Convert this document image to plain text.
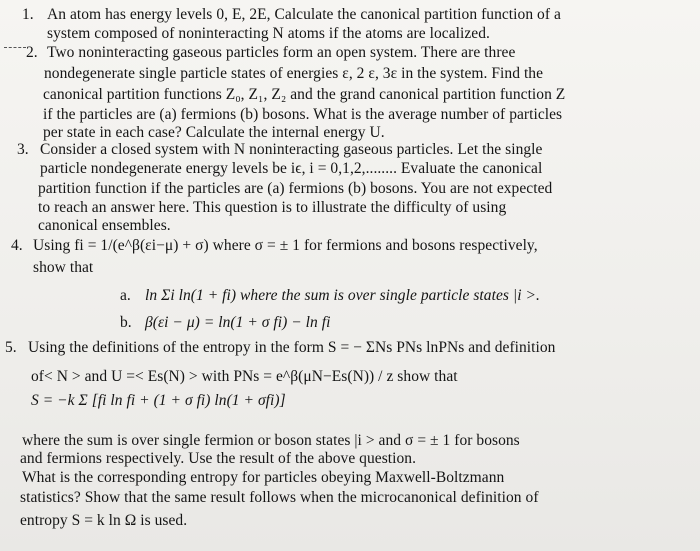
1. An atom has energy levels 0, E, 2E, Calculate the canonical partition function of a
system composed of noninteracting N atoms if the atoms are localized.
2. Two noninteracting gaseous particles form an open system. There are three
nondegenerate single particle states of energies ε, 2 ε, 3ε in the system. Find the
canonical partition functions Z₀, Z₁, Z₂ and the grand canonical partition function Z
if the particles are (a) fermions (b) bosons. What is the average number of particles
per state in each case? Calculate the internal energy U.
3. Consider a closed system with N noninteracting gaseous particles. Let the single
particle nondegenerate energy levels be iϵ, i = 0,1,2,........ Evaluate the canonical
partition function if the particles are (a) fermions (b) bosons. You are not expected
to reach an answer here. This question is to illustrate the difficulty of using
canonical ensembles.
4. Using fi = 1/(e^β(εi−μ) + σ) where σ = ± 1 for fermions and bosons respectively,
show that
a. ln Σi ln(1 + fi) where the sum is over single particle states |i >.
b. β(εi − μ) = ln(1 + σ fi) − ln fi
5. Using the definitions of the entropy in the form S = − ΣNs PNs lnPNs and definition
of< N > and U =< Es(N) > with PNs = e^β(μN−Es(N)) / z show that
S = −k Σ [fi ln fi + (1 + σ fi) ln(1 + σfi)]
where the sum is over single fermion or boson states |i > and σ = ± 1 for bosons
and fermions respectively. Use the result of the above question.
What is the corresponding entropy for particles obeying Maxwell-Boltzmann
statistics? Show that the same result follows when the microcanonical definition of
entropy S = k ln Ω is used.
